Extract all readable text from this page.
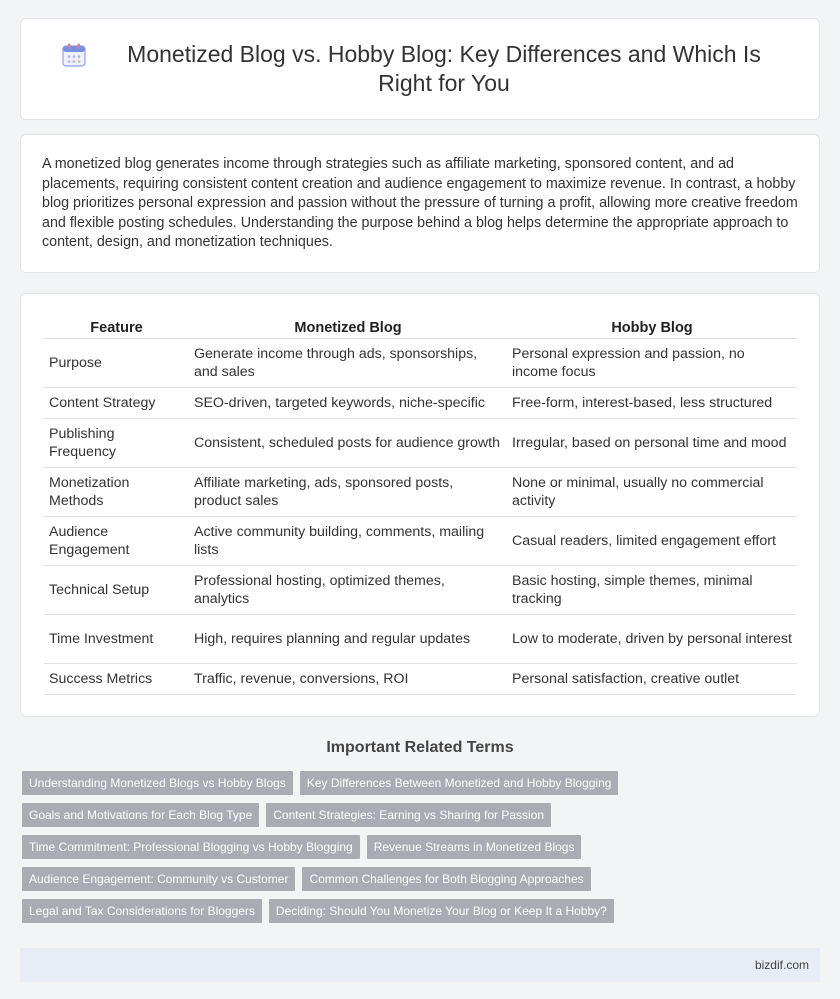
Monetized Blog vs. Hobby Blog: Key Differences and Which Is Right for You

A monetized blog generates income through strategies such as affiliate marketing, sponsored content, and ad placements, requiring consistent content creation and audience engagement to maximize revenue. In contrast, a hobby blog prioritizes personal expression and passion without the pressure of turning a profit, allowing more creative freedom and flexible posting schedules. Understanding the purpose behind a blog helps determine the appropriate approach to content, design, and monetization techniques.

Feature	Monetized Blog	Hobby Blog
Purpose	Generate income through ads, sponsorships, and sales	Personal expression and passion, no income focus
Content Strategy	SEO-driven, targeted keywords, niche-specific	Free-form, interest-based, less structured
Publishing Frequency	Consistent, scheduled posts for audience growth	Irregular, based on personal time and mood
Monetization Methods	Affiliate marketing, ads, sponsored posts, product sales	None or minimal, usually no commercial activity
Audience Engagement	Active community building, comments, mailing lists	Casual readers, limited engagement effort
Technical Setup	Professional hosting, optimized themes, analytics	Basic hosting, simple themes, minimal tracking
Time Investment	High, requires planning and regular updates	Low to moderate, driven by personal interest
Success Metrics	Traffic, revenue, conversions, ROI	Personal satisfaction, creative outlet
Important Related Terms
Understanding Monetized Blogs vs Hobby Blogs	Key Differences Between Monetized and Hobby Blogging
Goals and Motivations for Each Blog Type	Content Strategies: Earning vs Sharing for Passion
Time Commitment: Professional Blogging vs Hobby Blogging	Revenue Streams in Monetized Blogs
Audience Engagement: Community vs Customer	Common Challenges for Both Blogging Approaches
Legal and Tax Considerations for Bloggers	Deciding: Should You Monetize Your Blog or Keep It a Hobby?
bizdif.com
